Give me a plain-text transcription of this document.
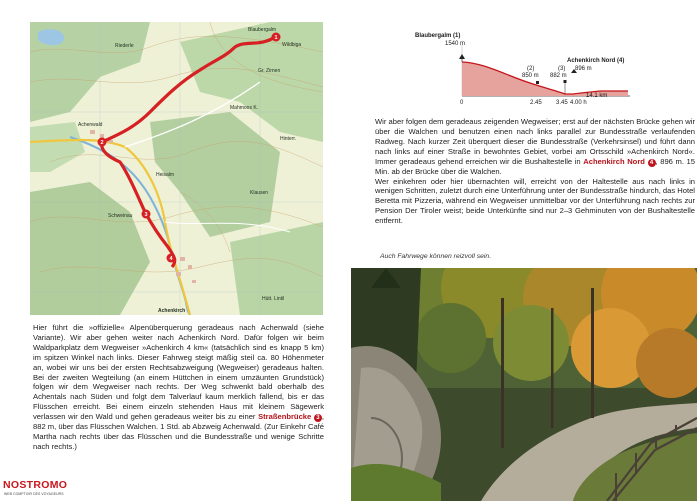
1
2
3
4
Blaubergalm
Wildbiga
Achenwald
Schweinau
Achenkirch
Klausen
Hinterr.
Riederle
Heisalm
Gr. Zirnen
Mahmoos K.
Hütt. Lintil
Blaubergalm (1)
1540 m
(2)
850 m
(3)
882 m
Achenkirch Nord (4)
896 m
0	2.45 3.45 4.00 h
14.1 km

Wir aber folgen dem geradeaus zeigenden Wegweiser; erst auf der nächsten Brücke gehen wir über die Walchen und benutzen einen nach links parallel zur Bundesstraße verlaufenden Radweg. Nach kurzer Zeit überquert dieser die Bundesstraße (Verkehrsinsel) und führt dann nach links auf einer Straße in bewohntes Gebiet, vorbei am Ortsschild »Achenkirch Nord«. Immer geradeaus gehend erreichen wir die Bushaltestelle in Achenkirch Nord 4 , 896 m. 15 Min. ab der Brücke über die Walchen.
Wer einkehren oder hier übernachten will, erreicht von der Haltestelle aus nach links in wenigen Schritten, zuletzt durch eine Unterführung unter der Bundesstraße hindurch, das Hotel Beretta mit Pizzeria, während ein Wegweiser unmittelbar vor der Unterführung nach rechts zur Pension Der Tiroler weist; beide Unterkünfte sind nur 2–3 Gehminuten von der Bushaltestelle entfernt.

Auch Fahrwege können reizvoll sein.

Hier führt die »offizielle« Alpenüberquerung geradeaus nach Achenwald (siehe Variante). Wir aber gehen weiter nach Achenkirch Nord. Dafür folgen wir beim Waldparkplatz dem Wegweiser »Achenkirch 4 km« (tatsächlich sind es knapp 5 km) im spitzen Winkel nach links. Dieser Fahrweg steigt mäßig steil ca. 80 Höhenmeter an, wobei wir uns bei der ersten Rechtsabzweigung (Wegweiser) geradeaus halten. Bei der zweiten Wegteilung (an einem Hüttchen in einem umzäunten Grundstück) folgen wir dem Wegweiser nach rechts. Der Weg schwenkt bald oberhalb des Achentals nach Süden und folgt dem Talverlauf kaum merklich fallend, bis er das Flüsschen erreicht. Bei einem einzeln stehenden Haus mit kleinem Sägewerk verlassen wir den Wald und gehen geradeaus weiter bis zu einer Straßenbrücke 3 , 882 m, über das Flüsschen Walchen. 1 Std. ab Abzweig Achenwald. (Zur Einkehr Café Martha nach rechts über das Flüsschen und die Bundesstraße und wenige Schritte nach rechts.)

NOSTROMO
WEB COMPTOIR DES VOYAGEURS
